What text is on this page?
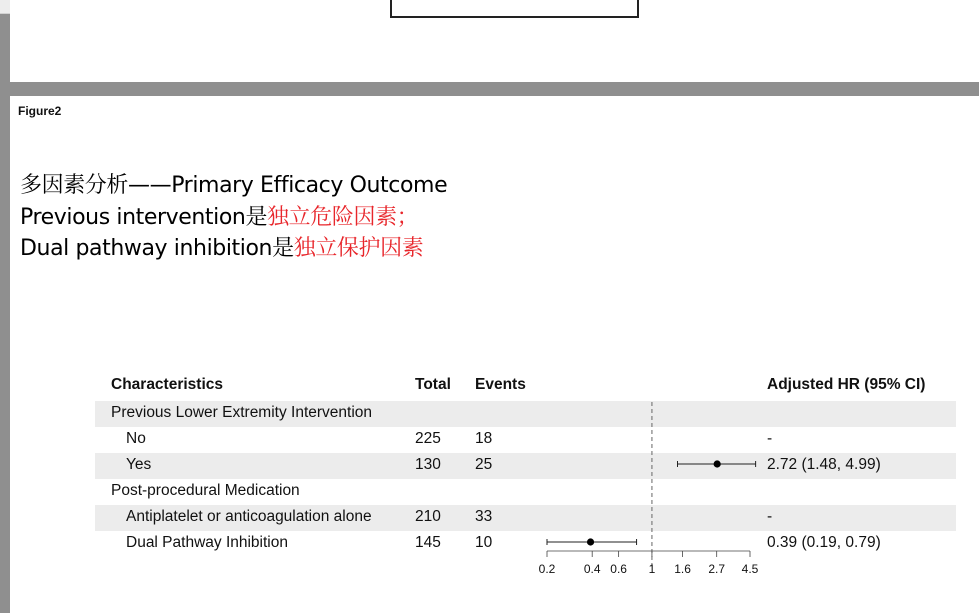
Figure2
多因素分析——Primary Efficacy Outcome
Previous intervention是独立危险因素；
Dual pathway inhibition是独立保护因素
Characteristics	Total Events	Adjusted HR (95% CI)
Previous Lower Extremity Intervention
No	225 18	-
Yes	130 25	2.72 (1.48, 4.99)
Post-procedural Medication
Antiplatelet or anticoagulation alone	210 33	-
Dual Pathway Inhibition	145 10	0.39 (0.19, 0.79)
0.2 0.4 0.6 1 1.6 2.7 4.5
